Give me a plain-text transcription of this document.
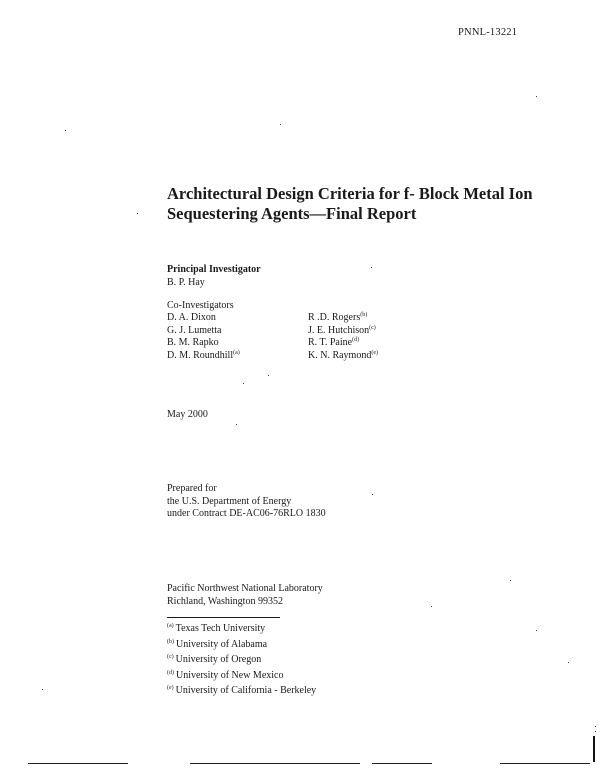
PNNL-13221
Architectural Design Criteria for f- Block Metal Ion
Sequestering Agents—Final Report
Principal Investigator
B. P. Hay
Co-Investigators
D. A. Dixon
G. J. Lumetta
B. M. Rapko
D. M. Roundhill$^{(a)}$
R .D. Rogers$^{(b)}$
J. E. Hutchison$^{(c)}$
R. T. Paine$^{(d)}$
K. N. Raymond$^{(e)}$
May 2000
Prepared for
the U.S. Department of Energy
under Contract DE-AC06-76RLO 1830
Pacific Northwest National Laboratory
Richland, Washington 99352
$^{(a)}$ Texas Tech University
$^{(b)}$ University of Alabama
$^{(c)}$ University of Oregon
$^{(d)}$ University of New Mexico
$^{(e)}$ University of California - Berkeley
